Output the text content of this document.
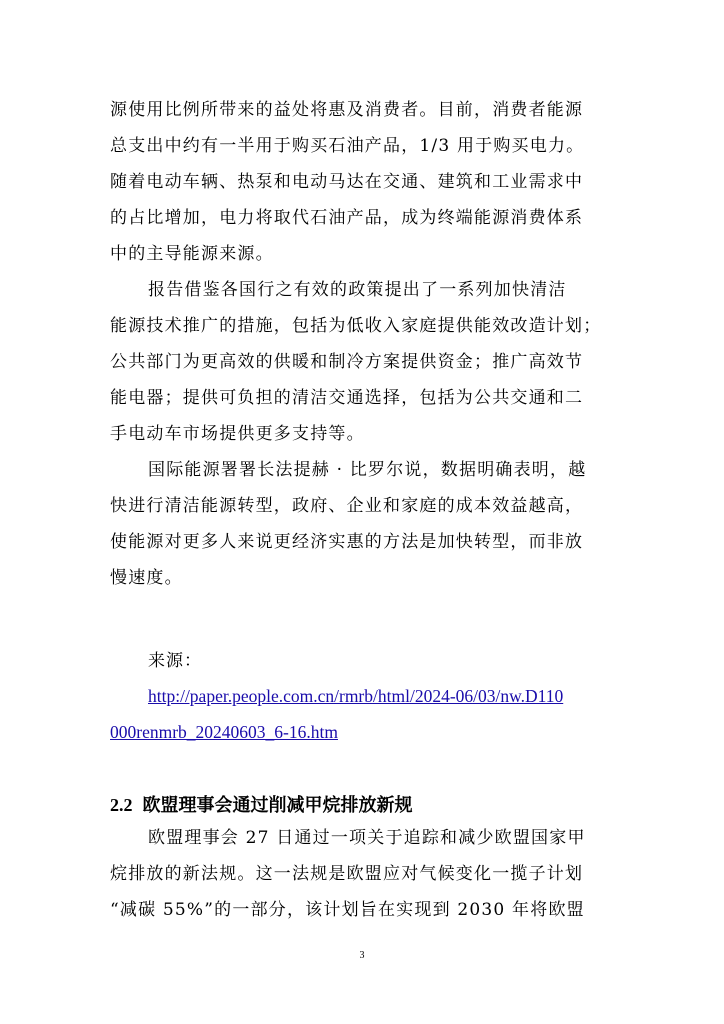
源使用比例所带来的益处将惠及消费者。目前，消费者能源
总支出中约有一半用于购买石油产品，1/3 用于购买电力。
随着电动车辆、热泵和电动马达在交通、建筑和工业需求中
的占比增加，电力将取代石油产品，成为终端能源消费体系
中的主导能源来源。
报告借鉴各国行之有效的政策提出了一系列加快清洁
能源技术推广的措施，包括为低收入家庭提供能效改造计划；
公共部门为更高效的供暖和制冷方案提供资金；推广高效节
能电器；提供可负担的清洁交通选择，包括为公共交通和二
手电动车市场提供更多支持等。
国际能源署署长法提赫 · 比罗尔说，数据明确表明，越
快进行清洁能源转型，政府、企业和家庭的成本效益越高，
使能源对更多人来说更经济实惠的方法是加快转型，而非放
慢速度。
来源：
http://paper.people.com.cn/rmrb/html/2024-06/03/nw.D110
000renmrb_20240603_6-16.htm
2.2 欧盟理事会通过削减甲烷排放新规
欧盟理事会 27 日通过一项关于追踪和减少欧盟国家甲
烷排放的新法规。这一法规是欧盟应对气候变化一揽子计划
“减碳 55%”的一部分，该计划旨在实现到 2030 年将欧盟
3
